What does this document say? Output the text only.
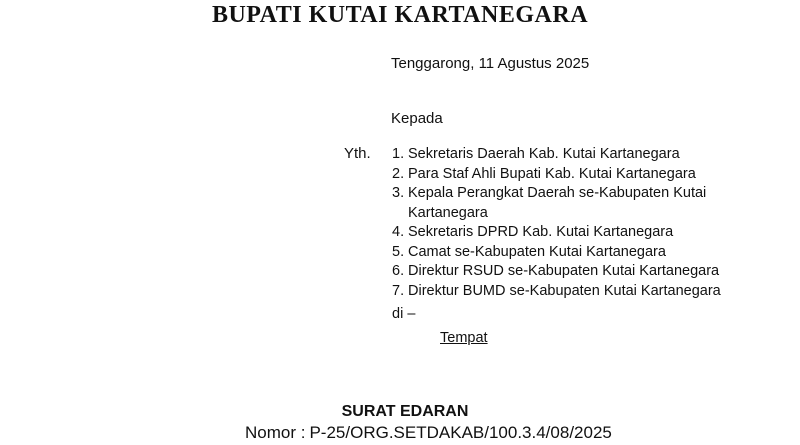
BUPATI KUTAI KARTANEGARA
Tenggarong, 11 Agustus 2025
Kepada
Yth. 1. Sekretaris Daerah Kab. Kutai Kartanegara
2. Para Staf Ahli Bupati Kab. Kutai Kartanegara
3. Kepala Perangkat Daerah se-Kabupaten Kutai Kartanegara
4. Sekretaris DPRD Kab. Kutai Kartanegara
5. Camat se-Kabupaten Kutai Kartanegara
6. Direktur RSUD se-Kabupaten Kutai Kartanegara
7. Direktur BUMD se-Kabupaten Kutai Kartanegara
di –
Tempat
SURAT EDARAN
Nomor : P-25/ORG.SETDAKAB/100.3.4/08/2025
